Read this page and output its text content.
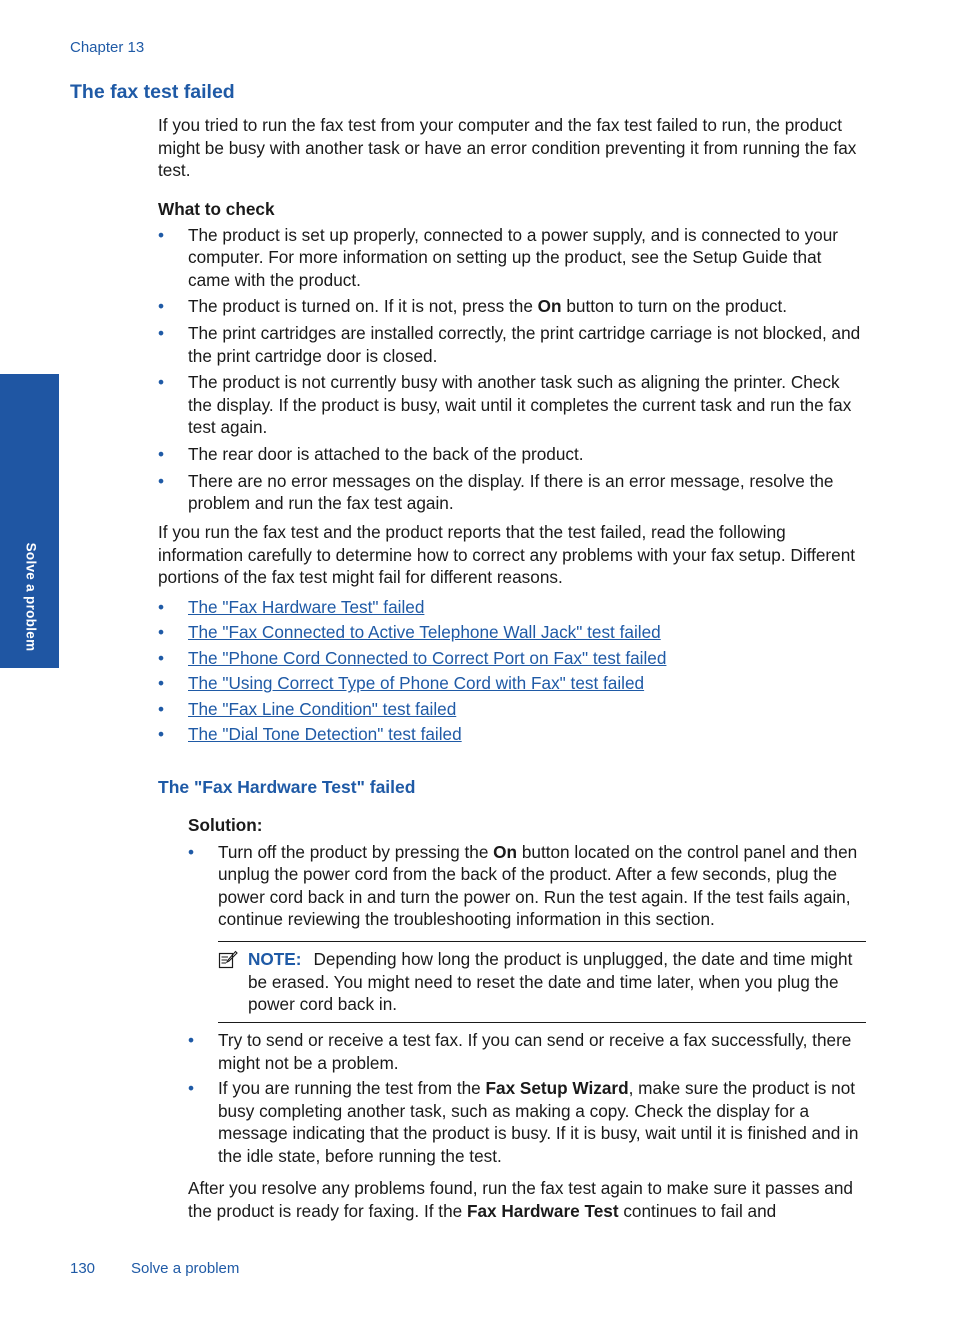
Chapter 13
The fax test failed
Solve a problem

If you tried to run the fax test from your computer and the fax test failed to run, the product might be busy with another task or have an error condition preventing it from running the fax test.

What to check

• The product is set up properly, connected to a power supply, and is connected to your computer. For more information on setting up the product, see the Setup Guide that came with the product.
• The product is turned on. If it is not, press the On button to turn on the product.
• The print cartridges are installed correctly, the print cartridge carriage is not blocked, and the print cartridge door is closed.
• The product is not currently busy with another task such as aligning the printer. Check the display. If the product is busy, wait until it completes the current task and run the fax test again.
• The rear door is attached to the back of the product.
• There are no error messages on the display. If there is an error message, resolve the problem and run the fax test again.

If you run the fax test and the product reports that the test failed, read the following information carefully to determine how to correct any problems with your fax setup. Different portions of the fax test might fail for different reasons.

• The "Fax Hardware Test" failed
• The "Fax Connected to Active Telephone Wall Jack" test failed
• The "Phone Cord Connected to Correct Port on Fax" test failed
• The "Using Correct Type of Phone Cord with Fax" test failed
• The "Fax Line Condition" test failed
• The "Dial Tone Detection" test failed
The "Fax Hardware Test" failed

Solution:

• Turn off the product by pressing the On button located on the control panel and then unplug the power cord from the back of the product. After a few seconds, plug the power cord back in and turn the power on. Run the test again. If the test fails again, continue reviewing the troubleshooting information in this section.
NOTE: Depending how long the product is unplugged, the date and time might be erased. You might need to reset the date and time later, when you plug the power cord back in.
• Try to send or receive a test fax. If you can send or receive a fax successfully, there might not be a problem.
• If you are running the test from the Fax Setup Wizard, make sure the product is not busy completing another task, such as making a copy. Check the display for a message indicating that the product is busy. If it is busy, wait until it is finished and in the idle state, before running the test.

After you resolve any problems found, run the fax test again to make sure it passes and the product is ready for faxing. If the Fax Hardware Test continues to fail and

130 Solve a problem
